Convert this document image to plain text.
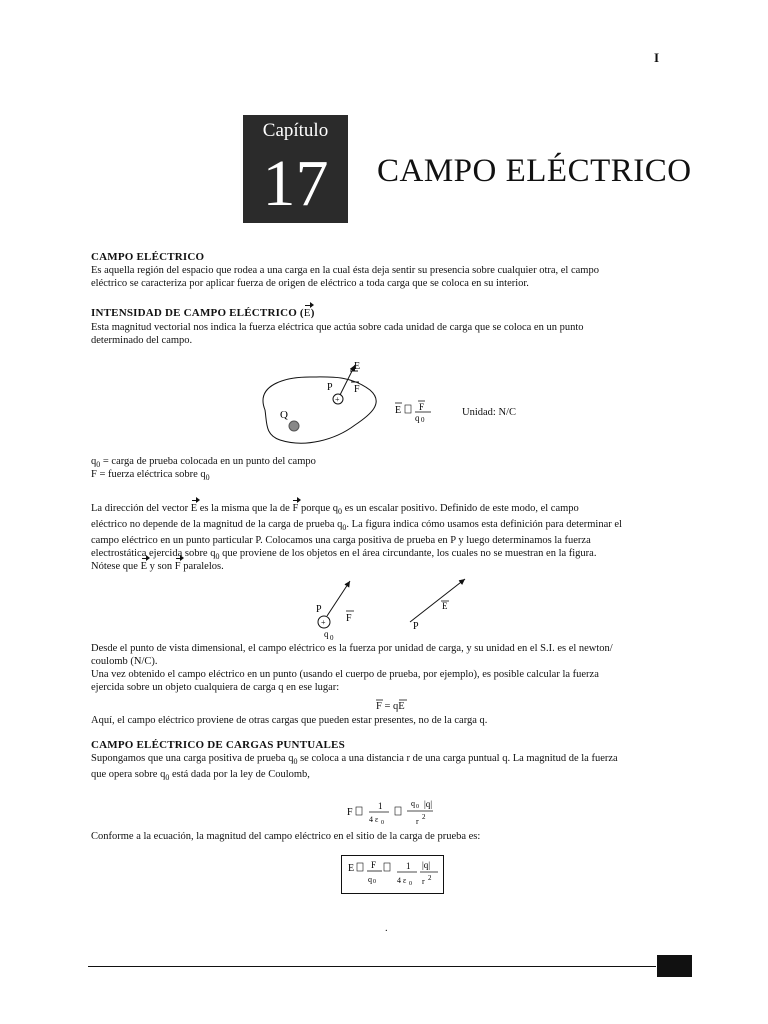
I
Capítulo
17	CAMPO ELÉCTRICO
CAMPO ELÉCTRICO
Es aquella región del espacio que rodea a una carga en la cual ésta deja sentir su presencia sobre cualquier otra, el campo
eléctrico se caracteriza por aplicar fuerza de origen de eléctrico a toda carga que se coloca en su interior.
INTENSIDAD DE CAMPO ELÉCTRICO (E)
Esta magnitud vectorial nos indica la fuerza eléctrica que actúa sobre cada unidad de carga que se coloca en un punto
determinado del campo.
+
E
P F
Q	E F
q 0
Unidad: N/C
$q_0$ = carga de prueba colocada en un punto del campo
F = fuerza eléctrica sobre $q_0$
La dirección del vector E es la misma que la de F porque $q_0$ es un escalar positivo. Definido de este modo, el campo
eléctrico no depende de la magnitud de la carga de prueba $q_0$. La figura indica cómo usamos esta definición para determinar el
campo eléctrico en un punto particular P. Colocamos una carga positiva de prueba en P y luego determinamos la fuerza
electrostática ejercida sobre $q_0$ que proviene de los objetos en el área circundante, los cuales no se muestran en la figura.
Nótese que E y son F paralelos.
P
+ F
q 0
E
P
Desde el punto de vista dimensional, el campo eléctrico es la fuerza por unidad de carga, y su unidad en el S.I. es el newton/
coulomb (N/C).
Una vez obtenido el campo eléctrico en un punto (usando el cuerpo de prueba, por ejemplo), es posible calcular la fuerza
ejercida sobre un objeto cualquiera de carga q en ese lugar:
F = qE
Aquí, el campo eléctrico proviene de otras cargas que pueden estar presentes, no de la carga q.
CAMPO ELÉCTRICO DE CARGAS PUNTUALES
Supongamos que una carga positiva de prueba $q_0$ se coloca a una distancia r de una carga puntual q. La magnitud de la fuerza
que opera sobre $q_0$ está dada por la ley de Coulomb,
F
1
4 ε 0
q 0 |q|
r 2
Conforme a la ecuación, la magnitud del campo eléctrico en el sitio de la carga de prueba es:
E F
q 0
1
4 ε 0
|q|
r 2
.
